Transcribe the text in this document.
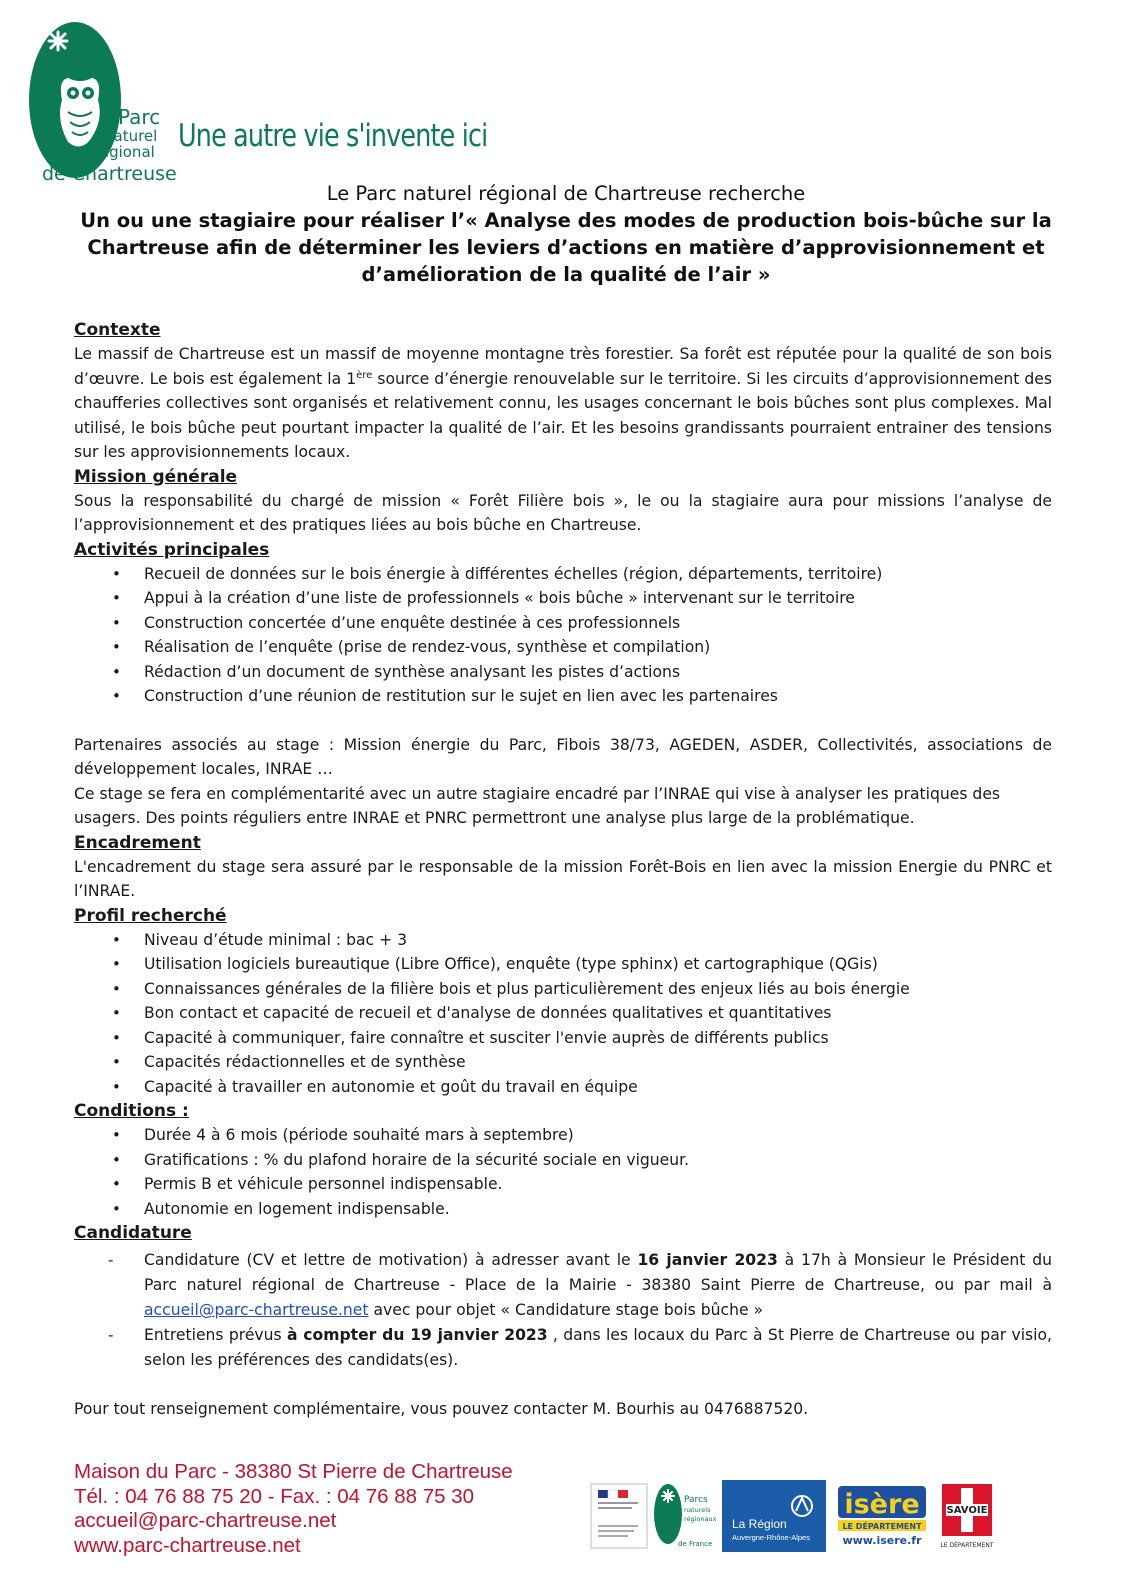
Parc
naturel
régional
de Chartreuse
Une autre vie s'invente ici
Le Parc naturel régional de Chartreuse recherche
Un ou une stagiaire pour réaliser l’« Analyse des modes de production bois-bûche sur la Chartreuse afin de déterminer les leviers d’actions en matière d’approvisionnement et d’amélioration de la qualité de l’air »
Contexte

Le massif de Chartreuse est un massif de moyenne montagne très forestier. Sa forêt est réputée pour la qualité de son bois d’œuvre. Le bois est également la 1ère source d’énergie renouvelable sur le territoire. Si les circuits d’approvisionnement des chaufferies collectives sont organisés et relativement connu, les usages concernant le bois bûches sont plus complexes. Mal utilisé, le bois bûche peut pourtant impacter la qualité de l’air. Et les besoins grandissants pourraient entrainer des tensions sur les approvisionnements locaux.

Mission générale

Sous la responsabilité du chargé de mission « Forêt Filière bois », le ou la stagiaire aura pour missions l’analyse de l’approvisionnement et des pratiques liées au bois bûche en Chartreuse.

Activités principales
• Recueil de données sur le bois énergie à différentes échelles (région, départements, territoire)
• Appui à la création d’une liste de professionnels « bois bûche » intervenant sur le territoire
• Construction concertée d’une enquête destinée à ces professionnels
• Réalisation de l’enquête (prise de rendez-vous, synthèse et compilation)
• Rédaction d’un document de synthèse analysant les pistes d’actions
• Construction d’une réunion de restitution sur le sujet en lien avec les partenaires

Partenaires associés au stage : Mission énergie du Parc, Fibois 38/73, AGEDEN, ASDER, Collectivités, associations de développement locales, INRAE …

Ce stage se fera en complémentarité avec un autre stagiaire encadré par l’INRAE qui vise à analyser les pratiques des usagers. Des points réguliers entre INRAE et PNRC permettront une analyse plus large de la problématique.

Encadrement

L'encadrement du stage sera assuré par le responsable de la mission Forêt-Bois en lien avec la mission Energie du PNRC et l’INRAE.

Profil recherché
• Niveau d’étude minimal : bac + 3
• Utilisation logiciels bureautique (Libre Office), enquête (type sphinx) et cartographique (QGis)
• Connaissances générales de la filière bois et plus particulièrement des enjeux liés au bois énergie
• Bon contact et capacité de recueil et d'analyse de données qualitatives et quantitatives
• Capacité à communiquer, faire connaître et susciter l'envie auprès de différents publics
• Capacités rédactionnelles et de synthèse
• Capacité à travailler en autonomie et goût du travail en équipe
Conditions :
• Durée 4 à 6 mois (période souhaité mars à septembre)
• Gratifications : % du plafond horaire de la sécurité sociale en vigueur.
• Permis B et véhicule personnel indispensable.
• Autonomie en logement indispensable.
Candidature
- Candidature (CV et lettre de motivation) à adresser avant le 16 janvier 2023 à 17h à Monsieur le Président du Parc naturel régional de Chartreuse - Place de la Mairie - 38380 Saint Pierre de Chartreuse, ou par mail à accueil@parc-chartreuse.net avec pour objet « Candidature stage bois bûche »
- Entretiens prévus à compter du 19 janvier 2023 , dans les locaux du Parc à St Pierre de Chartreuse ou par visio, selon les préférences des candidats(es).

Pour tout renseignement complémentaire, vous pouvez contacter M. Bourhis au 0476887520.

Maison du Parc - 38380 St Pierre de Chartreuse
Tél. : 04 76 88 75 20 - Fax. : 04 76 88 75 30
accueil@parc-chartreuse.net
www.parc-chartreuse.net
Parcs
naturels
régionaux
de France
La Région
Auvergne-Rhône-Alpes
isère
LE DÉPARTEMENT
www.isere.fr
SAVOIE
LE DÉPARTEMENT
